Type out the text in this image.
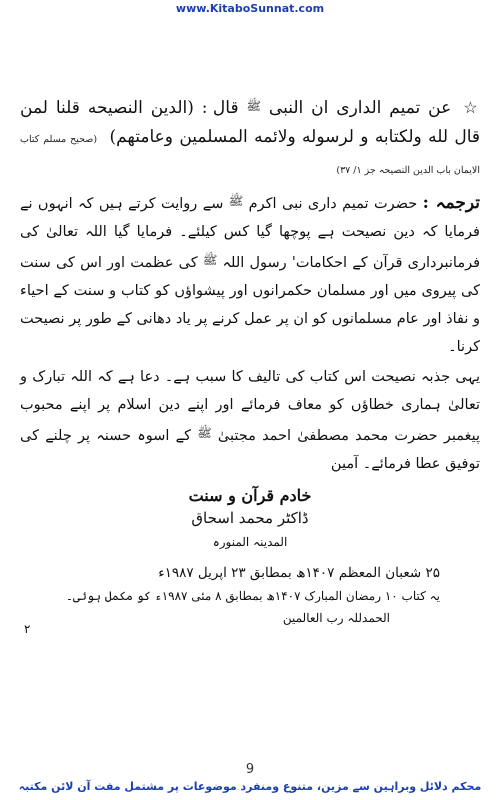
www.KitaboSunnat.com

☆ عن تميم الداری ان النبی ﷺ قال : (الدین النصیحه قلنا لمن قال لله ولکتابه و لرسوله ولائمه المسلمین وعامتهم) (صحیح مسلم کتاب الایمان باب الدین النصیحہ جز ۱/ ۳۷)

ترجمہ : حضرت تمیم داری نبی اکرم $^ﷺ$ سے روایت کرتے ہیں کہ انہوں نے فرمایا کہ دین نصیحت ہے پوچھا گیا کس کیلئے۔ فرمایا گیا اللہ تعالیٰ کی فرمانبرداری قرآن کے احکامات' رسول اللہ $^ﷺ$ کی عظمت اور اس کی سنت کی پیروی میں اور مسلمان حکمرانوں اور پیشواؤں کو کتاب و سنت کے احیاء و نفاذ اور عام مسلمانوں کو ان پر عمل کرنے پر یاد دھانی کے طور پر نصیحت کرنا۔

یہی جذبہ نصیحت اس کتاب کی تالیف کا سبب ہے۔ دعا ہے کہ اللہ تبارک و تعالیٰ ہماری خطاؤں کو معاف فرمائے اور اپنے دین اسلام پر اپنے محبوب پیغمبر حضرت محمد مصطفیٰ احمد مجتبیٰ $^ﷺ$ کے اسوہ حسنہ پر چلنے کی توفیق عطا فرمائے۔ آمین

خادم قرآن و سنت

ڈاکٹر محمد اسحاق

المدینہ المنورہ

۲۵ شعبان المعظم ۱۴۰۷ھ بمطابق ۲۳ اپریل ۱۹۸۷ء

یہ کتاب ۱۰ رمضان المبارک ۱۴۰۷ھ بمطابق ۸ مئی ۱۹۸۷ء کو مکمل ہوئی۔

الحمدللہ رب العالمین

۲
9
محکم دلائل وبراہین سے مزین، متنوع ومنفرد موضوعات پر مشتمل مفت آن لائن مکتبہ
